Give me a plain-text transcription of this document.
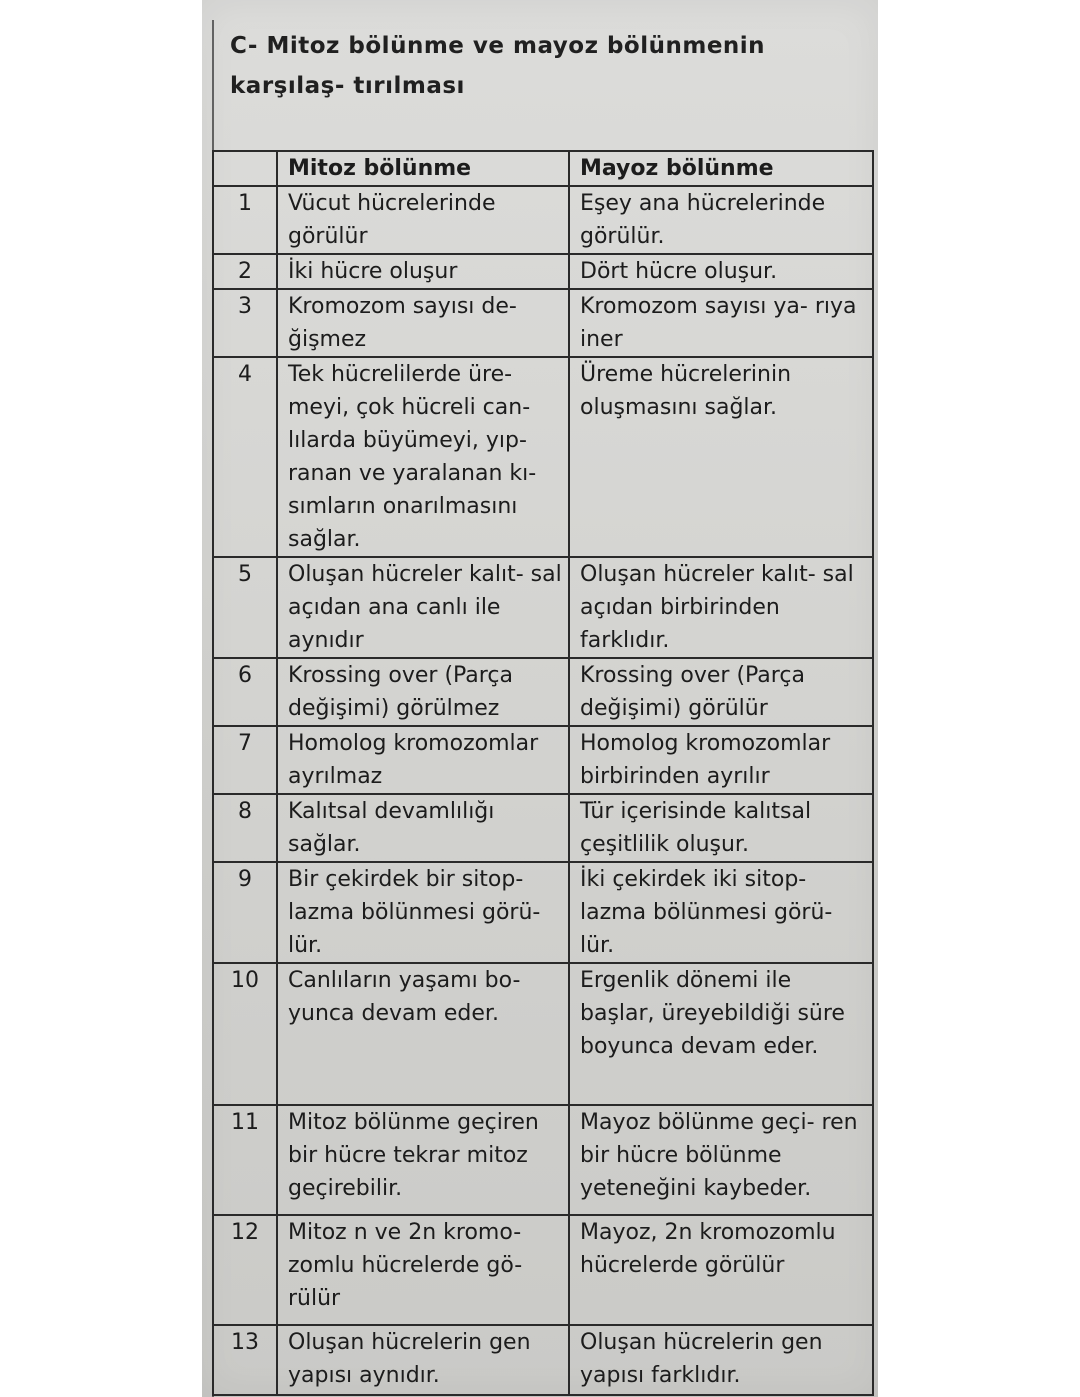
C- Mitoz bölünme ve mayoz bölünmenin karşılaş- tırılması
	Mitoz bölünme	Mayoz bölünme
1	Vücut hücrelerinde görülür	Eşey ana hücrelerinde görülür.
2	İki hücre oluşur	Dört hücre oluşur.
3	Kromozom sayısı de- ğişmez	Kromozom sayısı ya- rıya iner
4	Tek hücrelilerde üre- meyi, çok hücreli can- lılarda büyümeyi, yıp- ranan ve yaralanan kı- sımların onarılmasını sağlar.	Üreme hücrelerinin oluşmasını sağlar.
5	Oluşan hücreler kalıt- sal açıdan ana canlı ile aynıdır	Oluşan hücreler kalıt- sal açıdan birbirinden farklıdır.
6	Krossing over (Parça değişimi) görülmez	Krossing over (Parça değişimi) görülür
7	Homolog kromozomlar ayrılmaz	Homolog kromozomlar birbirinden ayrılır
8	Kalıtsal devamlılığı sağlar.	Tür içerisinde kalıtsal çeşitlilik oluşur.
9	Bir çekirdek bir sitop- lazma bölünmesi görü- lür.	İki çekirdek iki sitop- lazma bölünmesi görü- lür.
10	Canlıların yaşamı bo- yunca devam eder.	Ergenlik dönemi ile başlar, üreyebildiği süre boyunca devam eder.
11	Mitoz bölünme geçiren bir hücre tekrar mitoz geçirebilir.	Mayoz bölünme geçi- ren bir hücre bölünme yeteneğini kaybeder.
12	Mitoz n ve 2n kromo- zomlu hücrelerde gö- rülür	Mayoz, 2n kromozomlu hücrelerde görülür
13	Oluşan hücrelerin gen yapısı aynıdır.	Oluşan hücrelerin gen yapısı farklıdır.
